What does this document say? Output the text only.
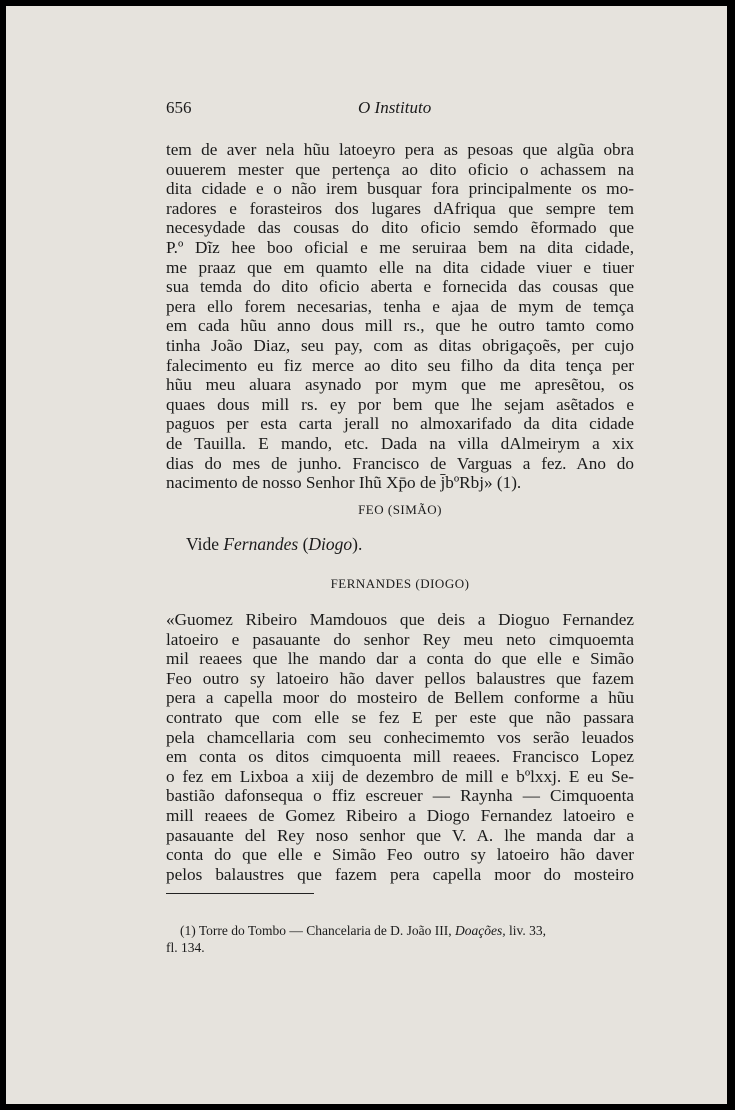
656	O Instituto
tem de aver nela hũu latoeyro pera as pesoas que algũa obra
ouuerem mester que pertença ao dito oficio o achassem na
dita cidade e o não irem busquar fora principalmente os mo-
radores e forasteiros dos lugares dAfriqua que sempre tem
necesydade das cousas do dito oficio semdo ẽformado que
P.º Dĩz hee boo oficial e me seruiraa bem na dita cidade,
me praaz que em quamto elle na dita cidade viuer e tiuer
sua temda do dito oficio aberta e fornecida das cousas que
pera ello forem necesarias, tenha e ajaa de mym de temça
em cada hũu anno dous mill rs., que he outro tamto como
tinha João Diaz, seu pay, com as ditas obrigaçoẽs, per cujo
falecimento eu fiz merce ao dito seu filho da dita tença per
hũu meu aluara asynado por mym que me apresẽtou, os
quaes dous mill rs. ey por bem que lhe sejam asẽtados e
paguos per esta carta jerall no almoxarifado da dita cidade
de Tauilla. E mando, etc. Dada na villa dAlmeirym a xix
dias do mes de junho. Francisco de Varguas a fez. Ano do
nacimento de nosso Senhor Ihũ Xp̄o de j̄bºRbj» (1).
FEO (SIMÃO)
Vide Fernandes (Diogo).
FERNANDES (DIOGO)
«Guomez Ribeiro Mamdouos que deis a Dioguo Fernandez
latoeiro e pasauante do senhor Rey meu neto cimquoemta
mil reaees que lhe mando dar a conta do que elle e Simão
Feo outro sy latoeiro hão daver pellos balaustres que fazem
pera a capella moor do mosteiro de Bellem conforme a hũu
contrato que com elle se fez E per este que não passara
pela chamcellaria com seu conhecimemto vos serão leuados
em conta os ditos cimquoenta mill reaees. Francisco Lopez
o fez em Lixboa a xiij de dezembro de mill e bºlxxj. E eu Se-
bastião dafonsequa o ffiz escreuer — Raynha — Cimquoenta
mill reaees de Gomez Ribeiro a Diogo Fernandez latoeiro e
pasauante del Rey noso senhor que V. A. lhe manda dar a
conta do que elle e Simão Feo outro sy latoeiro hão daver
pelos balaustres que fazem pera capella moor do mosteiro
(1) Torre do Tombo — Chancelaria de D. João III, Doações, liv. 33,
fl. 134.
